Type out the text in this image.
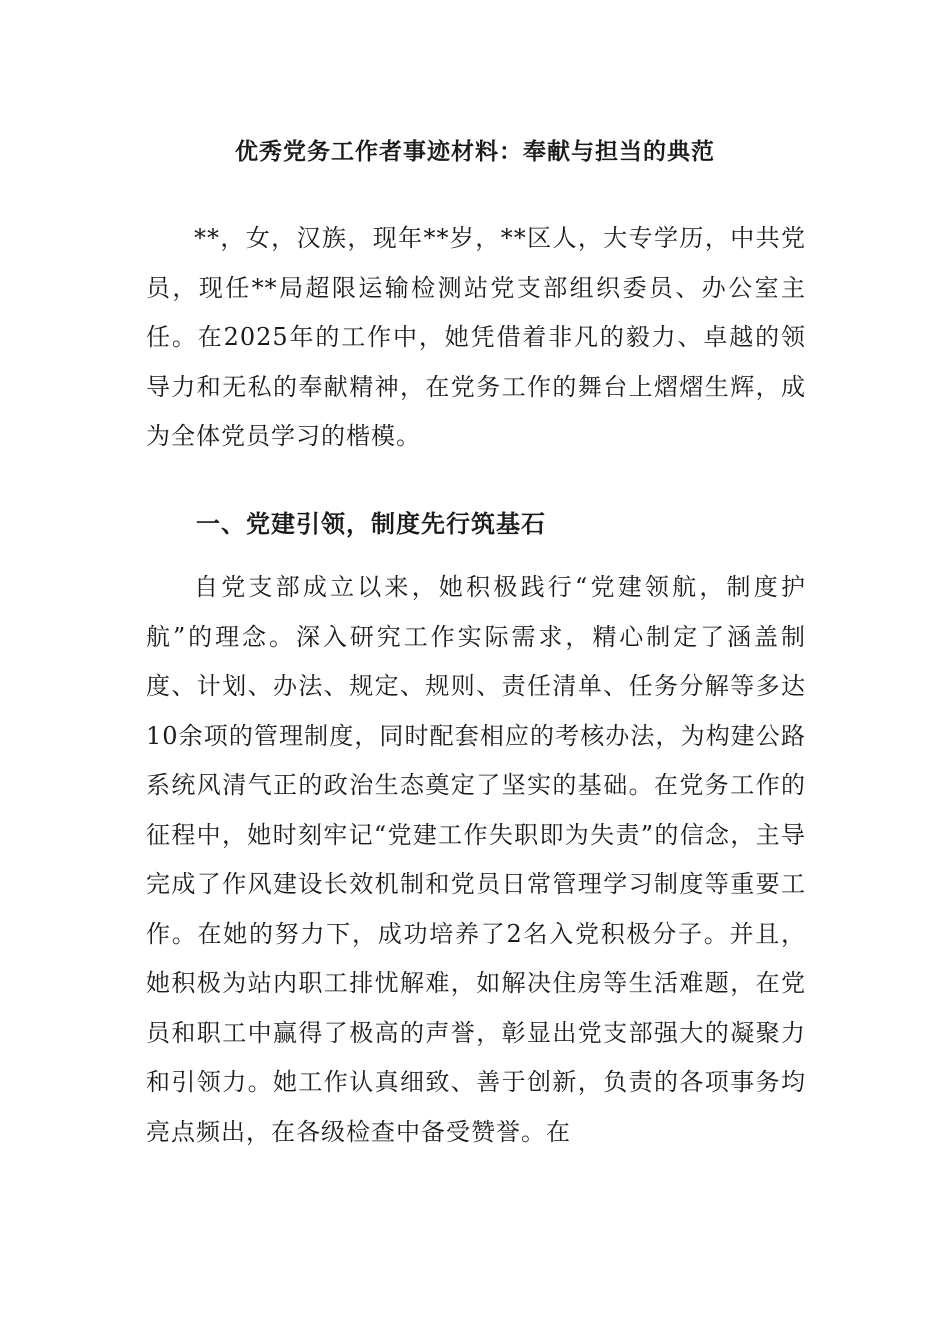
优秀党务工作者事迹材料：奉献与担当的典范

**，女，汉族，现年**岁，**区人，大专学历，中共党员，现任**局超限运输检测站党支部组织委员、办公室主任。在2025年的工作中，她凭借着非凡的毅力、卓越的领导力和无私的奉献精神，在党务工作的舞台上熠熠生辉，成为全体党员学习的楷模。

一、党建引领，制度先行筑基石

自党支部成立以来，她积极践行“党建领航，制度护航”的理念。深入研究工作实际需求，精心制定了涵盖制度、计划、办法、规定、规则、责任清单、任务分解等多达10余项的管理制度，同时配套相应的考核办法，为构建公路系统风清气正的政治生态奠定了坚实的基础。在党务工作的征程中，她时刻牢记“党建工作失职即为失责”的信念，主导完成了作风建设长效机制和党员日常管理学习制度等重要工作。在她的努力下，成功培养了2名入党积极分子。并且，她积极为站内职工排忧解难，如解决住房等生活难题，在党员和职工中赢得了极高的声誉，彰显出党支部强大的凝聚力和引领力。她工作认真细致、善于创新，负责的各项事务均亮点频出，在各级检查中备受赞誉。在
